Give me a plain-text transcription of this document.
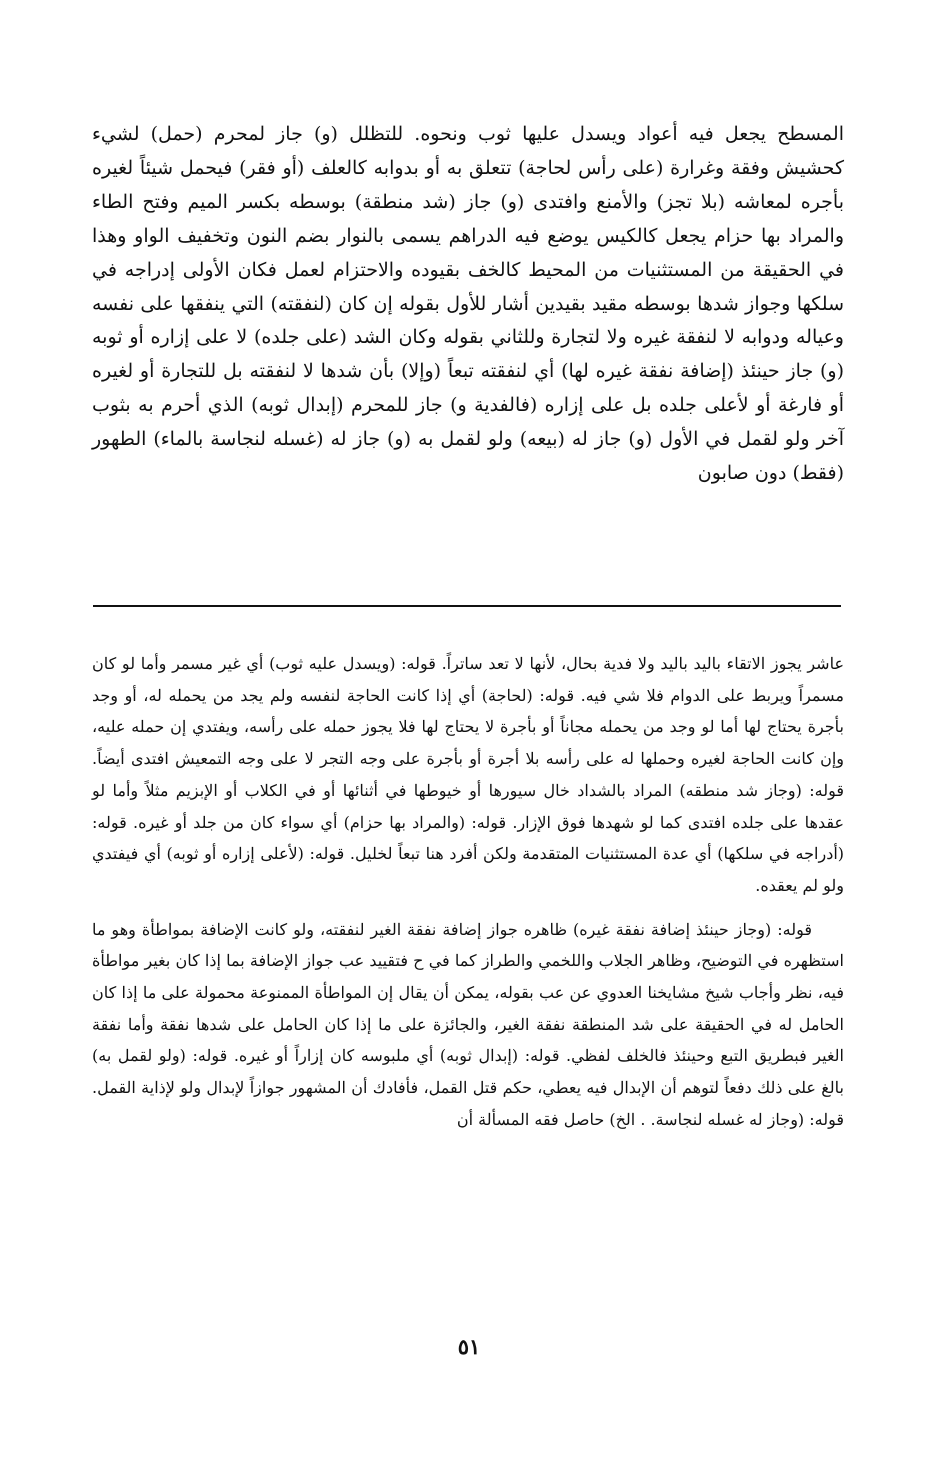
المسطح يجعل فيه أعواد ويسدل عليها ثوب ونحوه. للتظلل (و) جاز لمحرم (حمل) لشيء كحشيش وفقة وغرارة (على رأس لحاجة) تتعلق به أو بدوابه كالعلف (أو فقر) فيحمل شيئاً لغيره بأجره لمعاشه (بلا تجز) والأمنع وافتدى (و) جاز (شد منطقة) بوسطه بكسر الميم وفتح الطاء والمراد بها حزام يجعل كالكيس يوضع فيه الدراهم يسمى بالنوار بضم النون وتخفيف الواو وهذا في الحقيقة من المستثنيات من المحيط كالخف بقيوده والاحتزام لعمل فكان الأولى إدراجه في سلكها وجواز شدها بوسطه مقيد بقيدين أشار للأول بقوله إن كان (لنفقته) التي ينفقها على نفسه وعياله ودوابه لا لنفقة غيره ولا لتجارة وللثاني بقوله وكان الشد (على جلده) لا على إزاره أو ثوبه (و) جاز حينئذ (إضافة نفقة غيره لها) أي لنفقته تبعاً (وإلا) بأن شدها لا لنفقته بل للتجارة أو لغيره أو فارغة أو لأعلى جلده بل على إزاره (فالفدية و) جاز للمحرم (إبدال ثوبه) الذي أحرم به بثوب آخر ولو لقمل في الأول (و) جاز له (بيعه) ولو لقمل به (و) جاز له (غسله لنجاسة بالماء) الطهور (فقط) دون صابون

عاشر يجوز الاتقاء باليد باليد ولا فدية بحال، لأنها لا تعد ساتراً. قوله: (ويسدل عليه ثوب) أي غير مسمر وأما لو كان مسمراً ويربط على الدوام فلا شي فيه. قوله: (لحاجة) أي إذا كانت الحاجة لنفسه ولم يجد من يحمله له، أو وجد بأجرة يحتاج لها أما لو وجد من يحمله مجاناً أو بأجرة لا يحتاج لها فلا يجوز حمله على رأسه، ويفتدي إن حمله عليه، وإن كانت الحاجة لغيره وحملها له على رأسه بلا أجرة أو بأجرة على وجه التجر لا على وجه التمعيش افتدى أيضاً. قوله: (وجاز شد منطقه) المراد بالشداد خال سيورها أو خيوطها في أثنائها أو في الكلاب أو الإبزيم مثلاً وأما لو عقدها على جلده افتدى كما لو شهدها فوق الإزار. قوله: (والمراد بها حزام) أي سواء كان من جلد أو غيره. قوله: (أدراجه في سلكها) أي عدة المستثنيات المتقدمة ولكن أفرد هنا تبعاً لخليل. قوله: (لأعلى إزاره أو ثوبه) أي فيفتدي ولو لم يعقده.

قوله: (وجاز حينئذ إضافة نفقة غيره) ظاهره جواز إضافة نفقة الغير لنفقته، ولو كانت الإضافة بمواطأة وهو ما استظهره في التوضيح، وظاهر الجلاب واللخمي والطراز كما في ح فتقييد عب جواز الإضافة بما إذا كان بغير مواطأة فيه، نظر وأجاب شيخ مشايخنا العدوي عن عب بقوله، يمكن أن يقال إن المواطأة الممنوعة محمولة على ما إذا كان الحامل له في الحقيقة على شد المنطقة نفقة الغير، والجائزة على ما إذا كان الحامل على شدها نفقة وأما نفقة الغير فبطريق التبع وحينئذ فالخلف لفظي. قوله: (إبدال ثوبه) أي ملبوسه كان إزاراً أو غيره. قوله: (ولو لقمل به) بالغ على ذلك دفعاً لتوهم أن الإبدال فيه يعطي، حكم قتل القمل، فأفادك أن المشهور جوازاً لإبدال ولو لإذاية القمل. قوله: (وجاز له غسله لنجاسة. . الخ) حاصل فقه المسألة أن

٥١
